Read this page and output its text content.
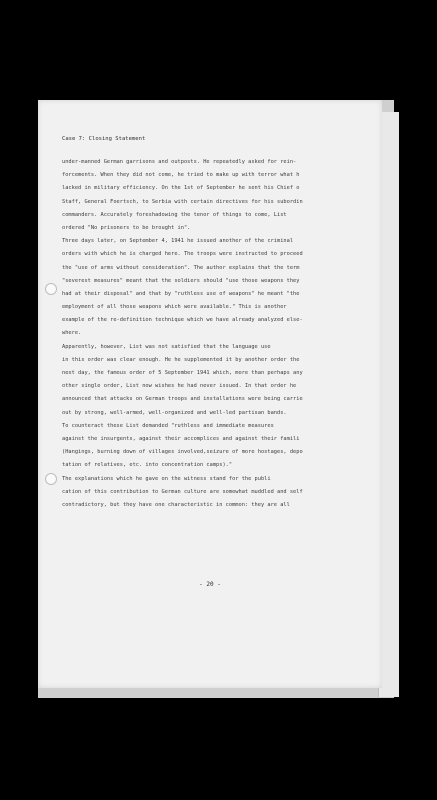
Case 7: Closing Statement
under-manned German garrisons and outposts. He repeatedly asked for rein-
forcements. When they did not come, he tried to make up with terror what h
lacked in military efficiency. On the 1st of September he sent his Chief o
Staff, General Foertsch, to Serbia with certain directives for his subordin
commanders. Accurately foreshadowing the tenor of things to come, List
ordered "No prisoners to be brought in".
Three days later, on September 4, 1941 he issued another of the criminal
orders with which he is charged here. The troops were instructed to proceed
the "use of arms without consideration". The author explains that the term
"severest measures" meant that the soldiers should "use those weapons they
had at their disposal" and that by "ruthless use of weapons" he meant "the
employment of all those weapons which were available." This is another
example of the re-definition technique which we have already analyzed else-
where.
Apparently, however, List was not satisfied that the language use
in this order was clear enough. He he supplemented it by another order the
next day, the famous order of 5 September 1941 which, more than perhaps any
other single order, List now wishes he had never issued. In that order he
announced that attacks on German troops and installations were being carrie
out by strong, well-armed, well-organized and well-led partisan bands.
To counteract these List demanded "ruthless and immediate measures
against the insurgents, against their accomplices and against their famili
(Hangings, burning down of villages involved,seizure of more hostages, depo
tation of relatives, etc. into concentration camps)."
The explanations which he gave on the witness stand for the publi
cation of this contribution to German culture are somewhat muddled and self
contradictory, but they have one characteristic in common: they are all
- 20 -
